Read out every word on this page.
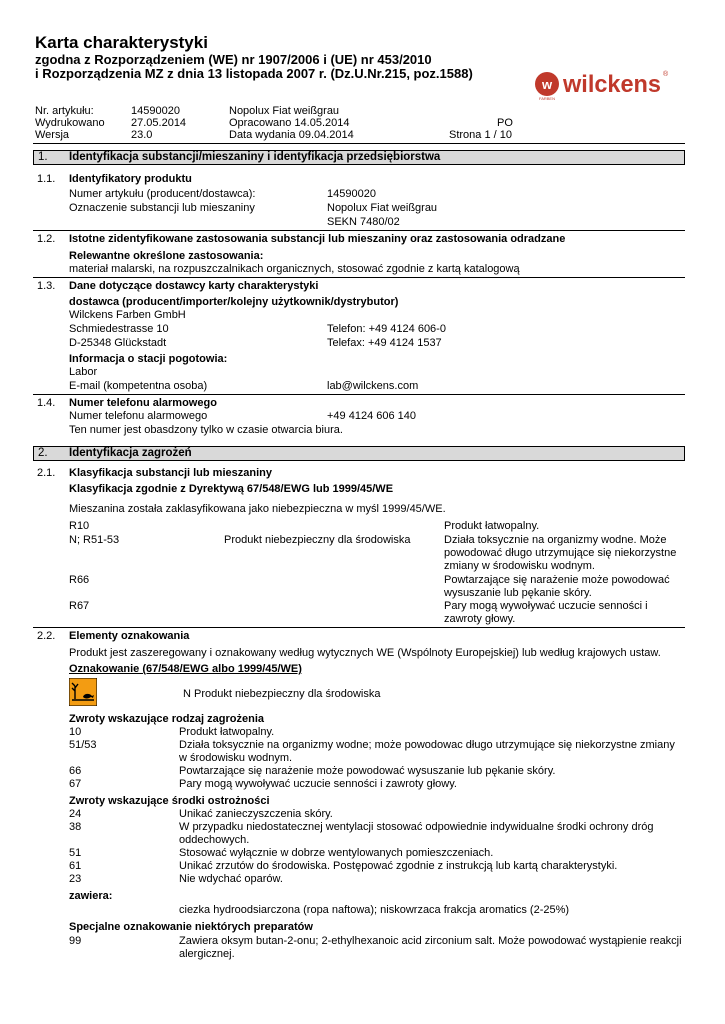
Karta charakterystyki
zgodna z Rozporządzeniem (WE) nr 1907/2006 i (UE) nr 453/2010
i Rozporządzenia MZ z dnia 13 listopada 2007 r. (Dz.U.Nr.215, poz.1588)
w
FARBEN
wilckens ®
Nr. artykułu:	14590020	Nopolux Fiat weißgrau
Wydrukowano 27.05.2014	Opracowano 14.05.2014	PO
Wersja	23.0	Data wydania 09.04.2014	Strona 1 / 10
1. Identyfikacja substancji/mieszaniny i identyfikacja przedsiębiorstwa
1.1. Identyfikatory produktu
Numer artykułu (producent/dostawca):	14590020
Oznaczenie substancji lub mieszaniny	Nopolux Fiat weißgrau
SEKN 7480/02
1.2. Istotne zidentyfikowane zastosowania substancji lub mieszaniny oraz zastosowania odradzane
Relewantne określone zastosowania:
materiał malarski, na rozpuszczalnikach organicznych, stosować zgodnie z kartą katalogową
1.3. Dane dotyczące dostawcy karty charakterystyki
dostawca (producent/importer/kolejny użytkownik/dystrybutor)
Wilckens Farben GmbH
Schmiedestrasse 10	Telefon: +49 4124 606-0
D-25348 Glückstadt	Telefax: +49 4124 1537
Informacja o stacji pogotowia:
Labor
E-mail (kompetentna osoba)	lab@wilckens.com
1.4. Numer telefonu alarmowego
Numer telefonu alarmowego	+49 4124 606 140
Ten numer jest obasdzony tylko w czasie otwarcia biura.
2. Identyfikacja zagrożeń
2.1. Klasyfikacja substancji lub mieszaniny
Klasyfikacja zgodnie z Dyrektywą 67/548/EWG lub 1999/45/WE
Mieszanina została zaklasyfikowana jako niebezpieczna w myśl 1999/45/WE.
R10	Produkt łatwopalny.
N; R51-53	Produkt niebezpieczny dla środowiska	Działa toksycznie na organizmy wodne. Może
powodować długo utrzymujące się niekorzystne
zmiany w środowisku wodnym.
R66	Powtarzające się narażenie może powodować
wysuszanie lub pękanie skóry.
R67	Pary mogą wywoływać uczucie senności i
zawroty głowy.
2.2. Elementy oznakowania
Produkt jest zaszeregowany i oznakowany według wytycznych WE (Wspólnoty Europejskiej) lub według krajowych ustaw.
Oznakowanie (67/548/EWG albo 1999/45/WE)
N Produkt niebezpieczny dla środowiska
Zwroty wskazujące rodzaj zagrożenia
10	Produkt łatwopalny.
51/53	Działa toksycznie na organizmy wodne; może powodowac długo utrzymujące się niekorzystne zmiany
w środowisku wodnym.
66	Powtarzające się narażenie może powodować wysuszanie lub pękanie skóry.
67	Pary mogą wywoływać uczucie senności i zawroty głowy.
Zwroty wskazujące środki ostrożności
24	Unikać zanieczyszczenia skóry.
38	W przypadku niedostatecznej wentylacji stosować odpowiednie indywidualne środki ochrony dróg
oddechowych.
51	Stosować wyłącznie w dobrze wentylowanych pomieszczeniach.
61	Unikać zrzutów do środowiska. Postępować zgodnie z instrukcją lub kartą charakterystyki.
23	Nie wdychać oparów.
zawiera:
ciezka hydroodsiarczona (ropa naftowa); niskowrzaca frakcja aromatics (2-25%)
Specjalne oznakowanie niektórych preparatów
99	Zawiera oksym butan-2-onu; 2-ethylhexanoic acid zirconium salt. Może powodować wystąpienie reakcji
alergicznej.
